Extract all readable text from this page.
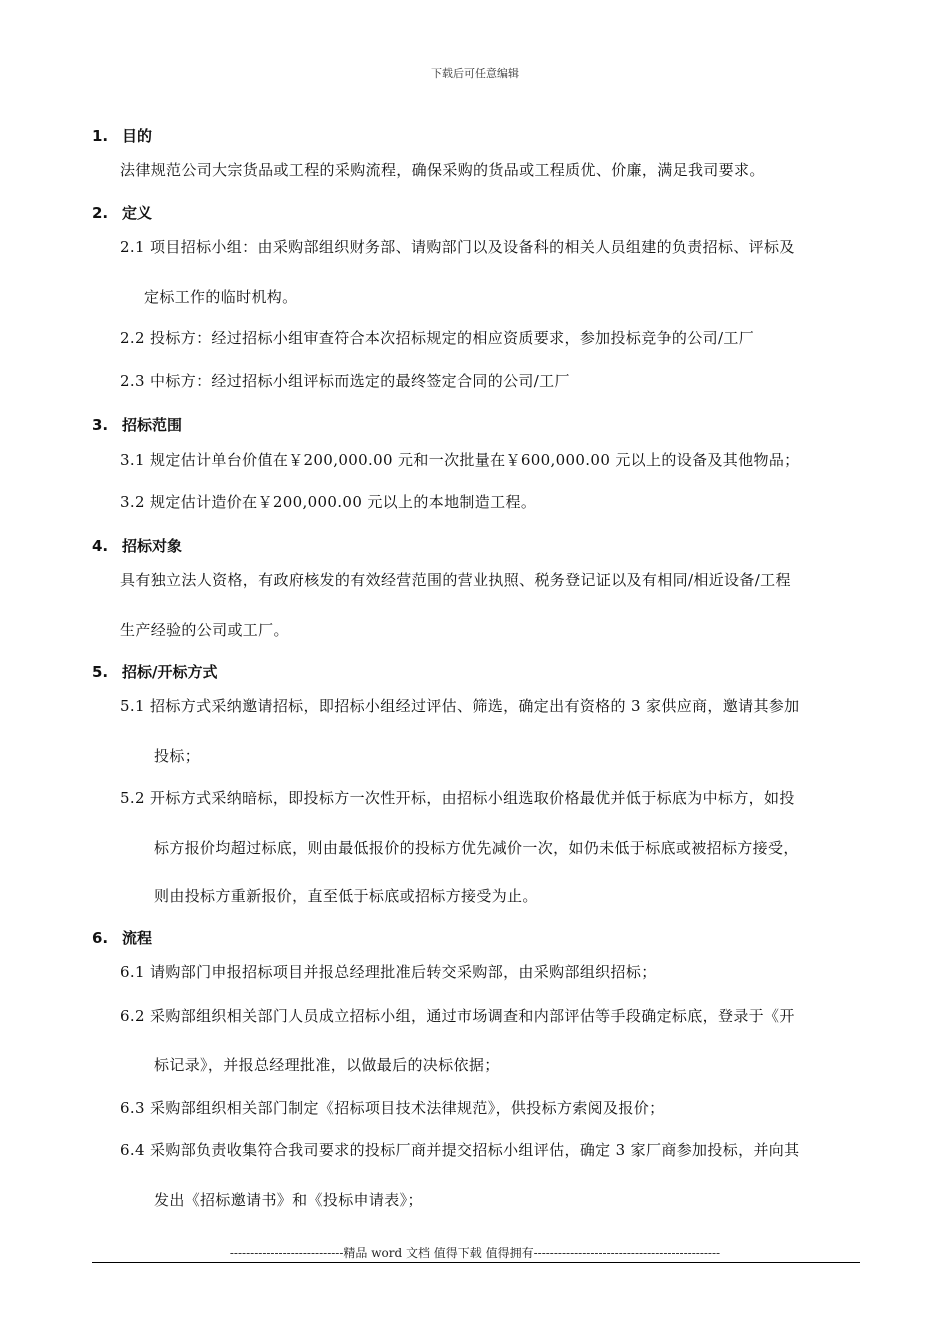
下载后可任意编辑
1. 目的
2. 定义
3. 招标范围
4. 招标对象
5. 招标/开标方式
6. 流程
法律规范公司大宗货品或工程的采购流程，确保采购的货品或工程质优、价廉，满足我司要求。
2.1 项目招标小组：由采购部组织财务部、请购部门以及设备科的相关人员组建的负责招标、评标及
定标工作的临时机构。
2.2 投标方：经过招标小组审查符合本次招标规定的相应资质要求，参加投标竞争的公司/工厂
2.3 中标方：经过招标小组评标而选定的最终签定合同的公司/工厂
3.1 规定估计单台价值在￥200,000.00 元和一次批量在￥600,000.00 元以上的设备及其他物品；
3.2 规定估计造价在￥200,000.00 元以上的本地制造工程。
具有独立法人资格，有政府核发的有效经营范围的营业执照、税务登记证以及有相同/相近设备/工程
生产经验的公司或工厂。
5.1 招标方式采纳邀请招标，即招标小组经过评估、筛选，确定出有资格的 3 家供应商，邀请其参加
投标；
5.2 开标方式采纳暗标，即投标方一次性开标，由招标小组选取价格最优并低于标底为中标方，如投
标方报价均超过标底，则由最低报价的投标方优先减价一次，如仍未低于标底或被招标方接受，
则由投标方重新报价，直至低于标底或招标方接受为止。
6.1 请购部门申报招标项目并报总经理批准后转交采购部，由采购部组织招标；
6.2 采购部组织相关部门人员成立招标小组，通过市场调查和内部评估等手段确定标底，登录于《开
标记录》，并报总经理批准，以做最后的决标依据；
6.3 采购部组织相关部门制定《招标项目技术法律规范》，供投标方索阅及报价；
6.4 采购部负责收集符合我司要求的投标厂商并提交招标小组评估，确定 3 家厂商参加投标，并向其
发出《招标邀请书》和《投标申请表》；
----------------------------精品 word 文档 值得下载 值得拥有----------------------------------------------
